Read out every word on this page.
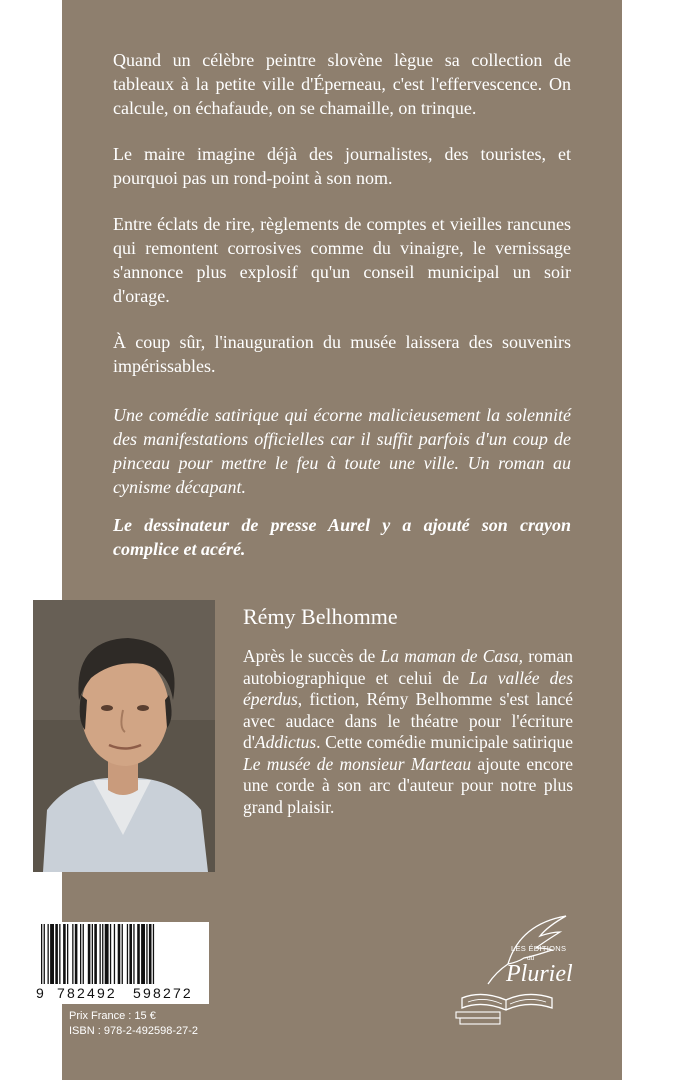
Quand un célèbre peintre slovène lègue sa collection de tableaux à la petite ville d'Éperneau, c'est l'effervescence. On calcule, on échafaude, on se chamaille, on trinque.

Le maire imagine déjà des journalistes, des touristes, et pourquoi pas un rond-point à son nom.

Entre éclats de rire, règlements de comptes et vieilles rancunes qui remontent corrosives comme du vinaigre, le vernissage s'annonce plus explosif qu'un conseil municipal un soir d'orage.

À coup sûr, l'inauguration du musée laissera des souvenirs impérissables.

Une comédie satirique qui écorne malicieusement la solennité des manifestations officielles car il suffit parfois d'un coup de pinceau pour mettre le feu à toute une ville. Un roman au cynisme décapant.

Le dessinateur de presse Aurel y a ajouté son crayon complice et acéré.

Rémy Belhomme
Après le succès de La maman de Casa, roman autobiographique et celui de La vallée des éperdus, fiction, Rémy Belhomme s'est lancé avec audace dans le théatre pour l'écriture d'Addictus. Cette comédie municipale satirique Le musée de monsieur Marteau ajoute encore une corde à son arc d'auteur pour notre plus grand plaisir.
9 782492 598272
Prix France : 15 €
ISBN : 978-2-492598-27-2
LES ÉDITIONS
du
Pluriel
